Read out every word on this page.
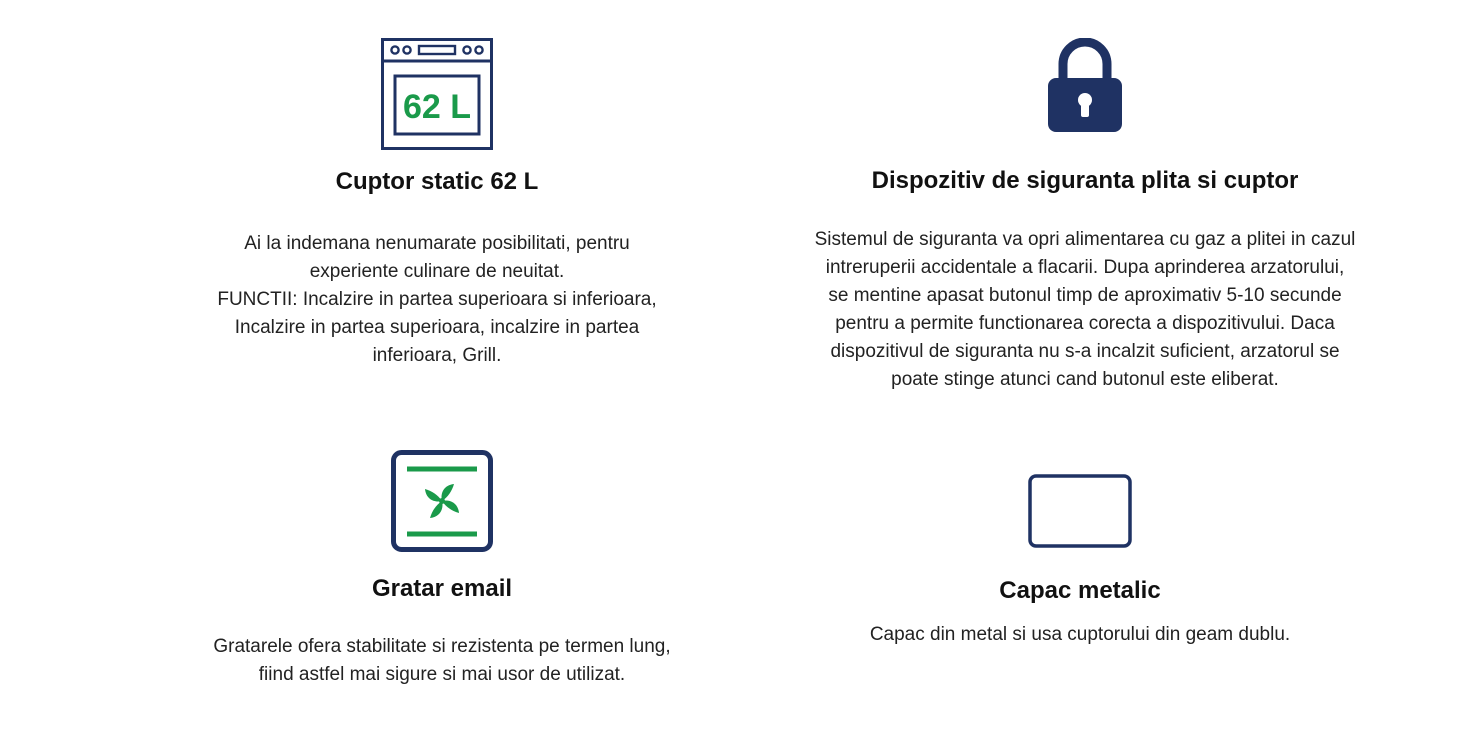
62 L
Cuptor static 62 L

Ai la indemana nenumarate posibilitati, pentru
experiente culinare de neuitat.
FUNCTII: Incalzire in partea superioara si inferioara,
Incalzire in partea superioara, incalzire in partea
inferioara, Grill.

Dispozitiv de siguranta plita si cuptor

Sistemul de siguranta va opri alimentarea cu gaz a plitei in cazul
intreruperii accidentale a flacarii. Dupa aprinderea arzatorului,
se mentine apasat butonul timp de aproximativ 5-10 secunde
pentru a permite functionarea corecta a dispozitivului. Daca
dispozitivul de siguranta nu s-a incalzit suficient, arzatorul se
poate stinge atunci cand butonul este eliberat.

Gratar email

Gratarele ofera stabilitate si rezistenta pe termen lung,
fiind astfel mai sigure si mai usor de utilizat.

Capac metalic

Capac din metal si usa cuptorului din geam dublu.
